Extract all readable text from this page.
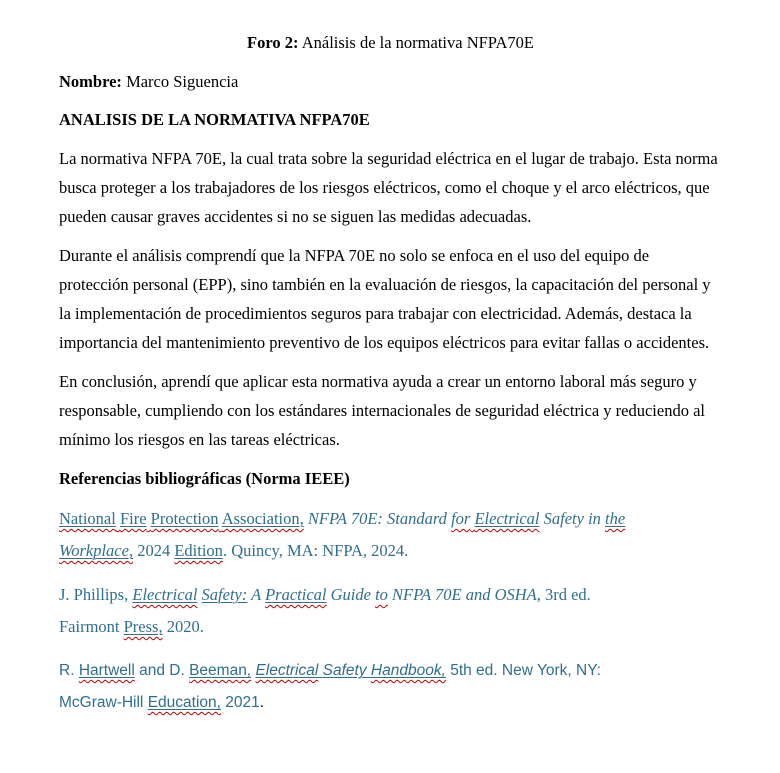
Foro 2: Análisis de la normativa NFPA70E

Nombre: Marco Siguencia

ANALISIS DE LA NORMATIVA NFPA70E

La normativa NFPA 70E, la cual trata sobre la seguridad eléctrica en el lugar de trabajo. Esta norma busca proteger a los trabajadores de los riesgos eléctricos, como el choque y el arco eléctricos, que pueden causar graves accidentes si no se siguen las medidas adecuadas.

Durante el análisis comprendí que la NFPA 70E no solo se enfoca en el uso del equipo de protección personal (EPP), sino también en la evaluación de riesgos, la capacitación del personal y la implementación de procedimientos seguros para trabajar con electricidad. Además, destaca la importancia del mantenimiento preventivo de los equipos eléctricos para evitar fallas o accidentes.

En conclusión, aprendí que aplicar esta normativa ayuda a crear un entorno laboral más seguro y responsable, cumpliendo con los estándares internacionales de seguridad eléctrica y reduciendo al mínimo los riesgos en las tareas eléctricas.

Referencias bibliográficas (Norma IEEE)

National Fire Protection Association, NFPA 70E: Standard for Electrical Safety in the
Workplace, 2024 Edition. Quincy, MA: NFPA, 2024.

J. Phillips, Electrical Safety: A Practical Guide to NFPA 70E and OSHA, 3rd ed.
Fairmont Press, 2020.

R. Hartwell and D. Beeman, Electrical Safety Handbook, 5th ed. New York, NY:
McGraw-Hill Education, 2021.
